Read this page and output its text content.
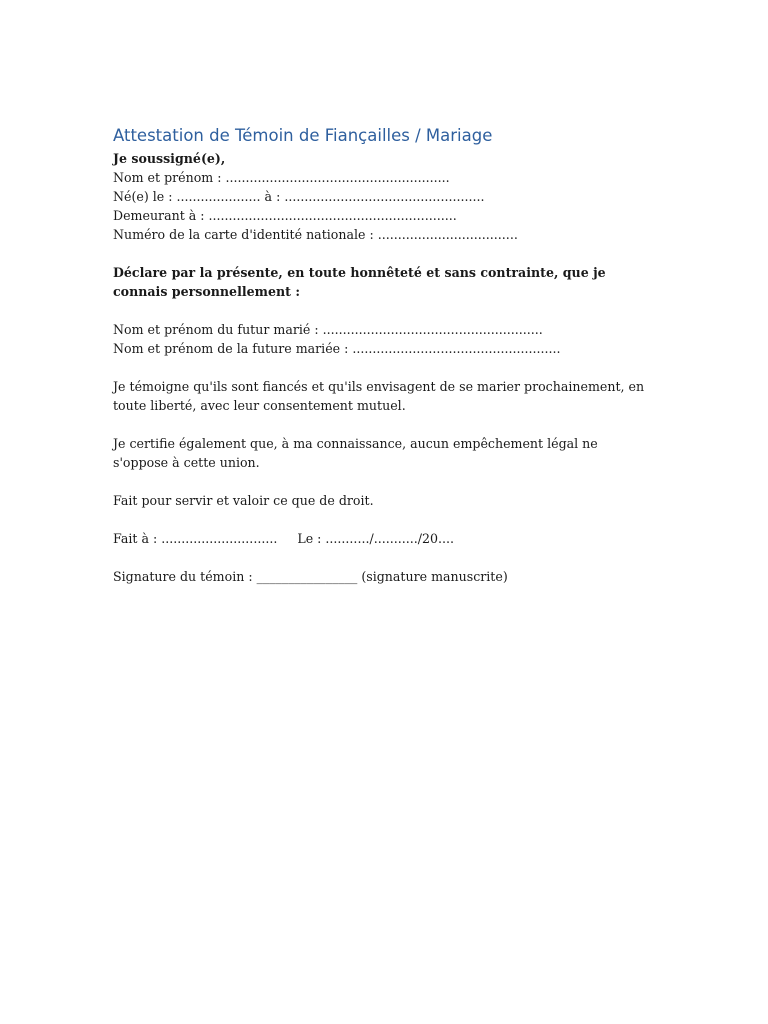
Attestation de Témoin de Fiançailles / Mariage
Je soussigné(e),
Nom et prénom : ........................................................
Né(e) le : ..................... à : ..................................................
Demeurant à : ..............................................................
Numéro de la carte d'identité nationale : ...................................

Déclare par la présente, en toute honnêteté et sans contrainte, que je connais personnellement :

Nom et prénom du futur marié : .......................................................
Nom et prénom de la future mariée : ....................................................

Je témoigne qu'ils sont fiancés et qu'ils envisagent de se marier prochainement, en toute liberté, avec leur consentement mutuel.

Je certifie également que, à ma connaissance, aucun empêchement légal ne s'oppose à cette union.

Fait pour servir et valoir ce que de droit.

Fait à : .............................     Le : .........../.........../20....
Signature du témoin : ________________ (signature manuscrite)
